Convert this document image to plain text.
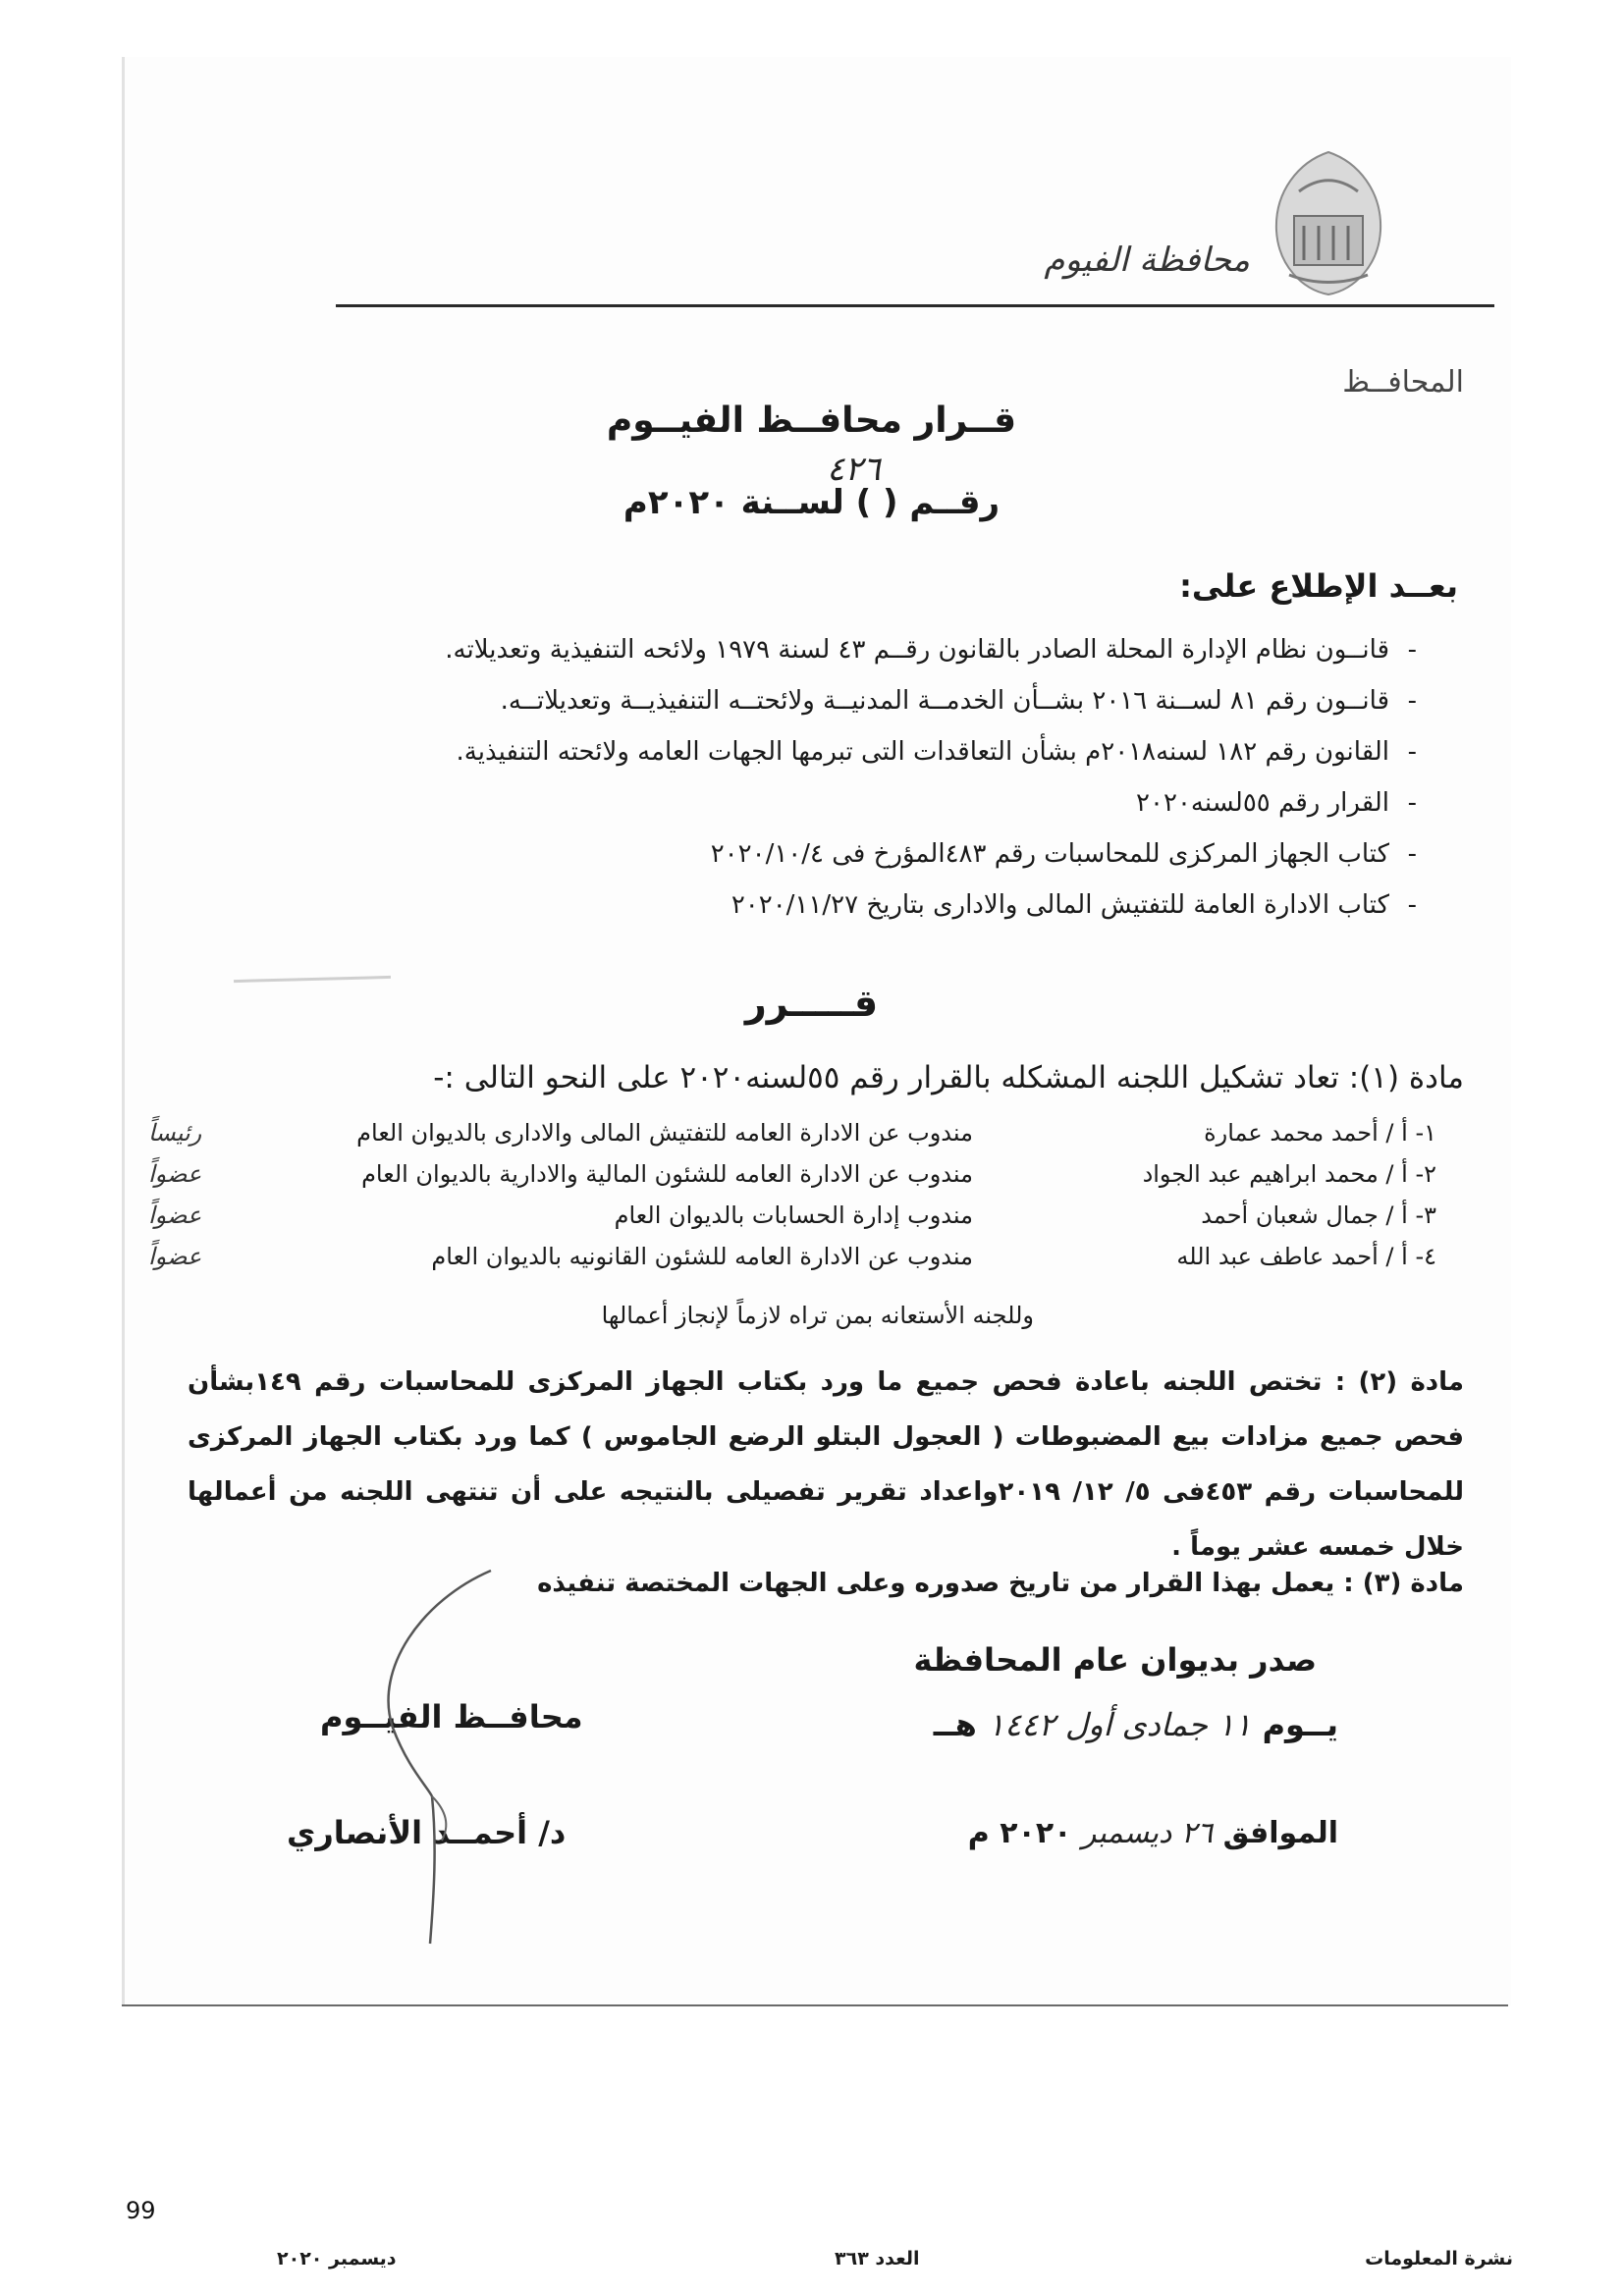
محافظة الفيوم
المحافــظ
قــرار محافــظ الفيــوم
٤٢٦
رقــم ( ) لســنة ٢٠٢٠م
بعــد الإطلاع على:
- قانــون نظام الإدارة المحلة الصادر بالقانون رقــم ٤٣ لسنة ١٩٧٩ ولائحه التنفيذية وتعديلاته.
- قانــون رقم ٨١ لســنة ٢٠١٦ بشــأن الخدمــة المدنيــة ولائحتــه التنفيذيــة وتعديلاتــه.
- القانون رقم ١٨٢ لسنه٢٠١٨م بشأن التعاقدات التى تبرمها الجهات العامه ولائحته التنفيذية.
- القرار رقم ٥٥لسنه٢٠٢٠
- كتاب الجهاز المركزى للمحاسبات رقم ٤٨٣المؤرخ فى ٢٠٢٠/١٠/٤
- كتاب الادارة العامة للتفتيش المالى والادارى بتاريخ ٢٠٢٠/١١/٢٧
قـــــرر
مادة (١): تعاد تشكيل اللجنه المشكله بالقرار رقم ٥٥لسنه٢٠٢٠ على النحو التالى :-
١- أ / أحمد محمد عمارة
مندوب عن الادارة العامه للتفتيش المالى والادارى بالديوان العام
رئيساً
٢- أ / محمد ابراهيم عبد الجواد
مندوب عن الادارة العامه للشئون المالية والادارية بالديوان العام
عضواً
٣- أ / جمال شعبان أحمد
مندوب إدارة الحسابات بالديوان العام
عضواً
٤- أ / أحمد عاطف عبد الله
مندوب عن الادارة العامه للشئون القانونيه بالديوان العام
عضواً
وللجنه الأستعانه بمن تراه لازماً لإنجاز أعمالها
مادة (٢) : تختص اللجنه باعادة فحص جميع ما ورد بكتاب الجهاز المركزى للمحاسبات رقم ١٤٩بشأن فحص جميع مزادات بيع المضبوطات ( العجول البتلو الرضع الجاموس ) كما ورد بكتاب الجهاز المركزى للمحاسبات رقم ٤٥٣فى ٥/ ١٢/ ٢٠١٩واعداد تقرير تفصيلى بالنتيجه على أن تنتهى اللجنه من أعمالها خلال خمسه عشر يوماً .
مادة (٣) : يعمل بهذا القرار من تاريخ صدوره وعلى الجهات المختصة تنفيذه
صدر بديوان عام المحافظة
يــوم ١١ جمادى أول ١٤٤٢ هــ
الموافق ٢٦ ديسمبر ٢٠٢٠ م
محافــظ الفيــوم
د/ أحمــد الأنصاري
99
ديسمبر ٢٠٢٠	العدد ٣٦٣	نشرة المعلومات
